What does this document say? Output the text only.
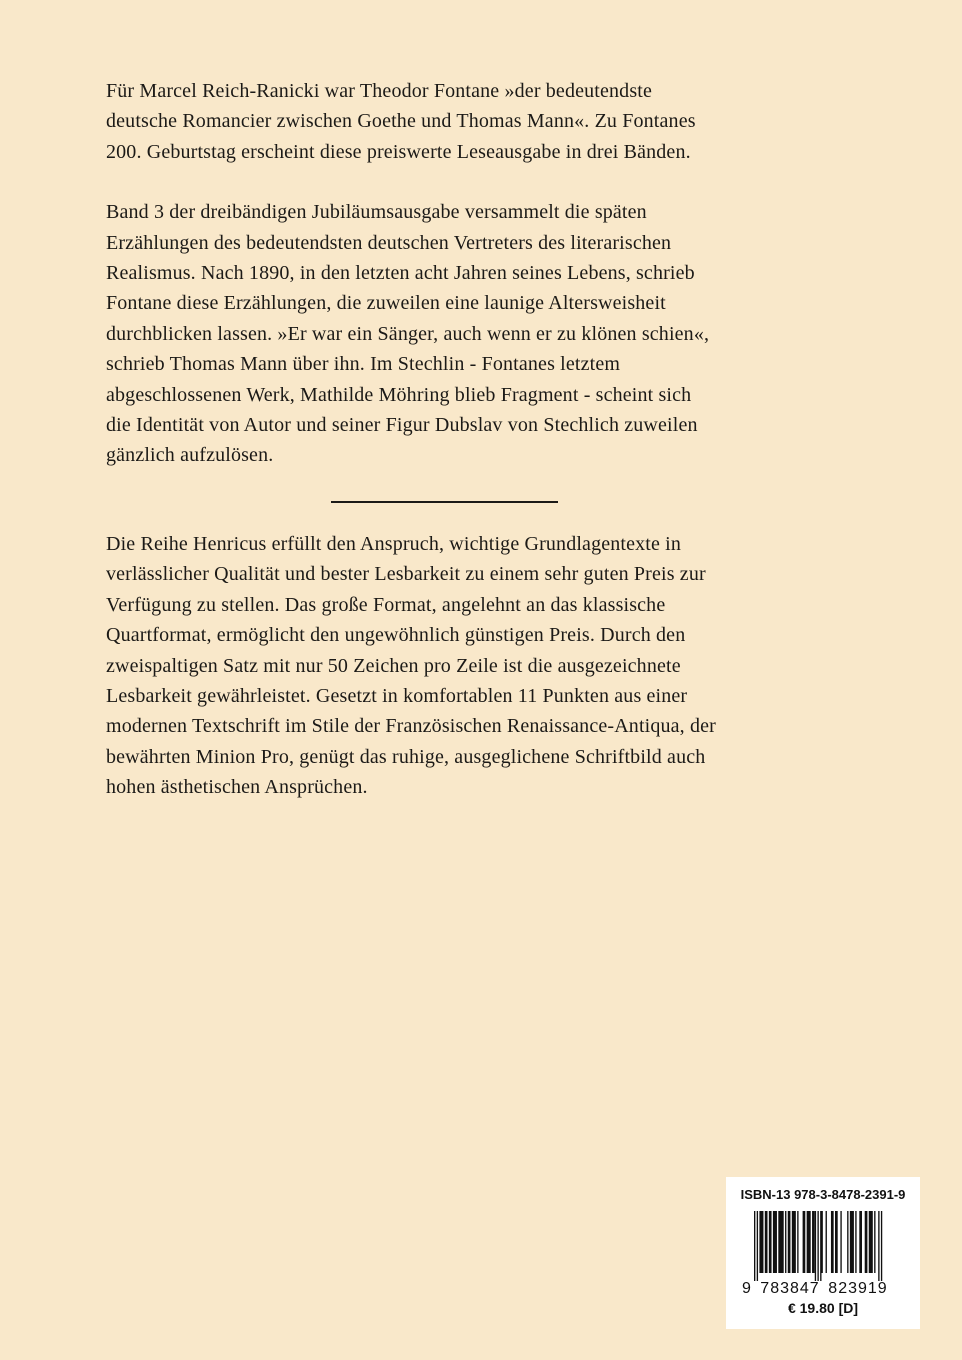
Für Marcel Reich-Ranicki war Theodor Fontane »der bedeutendste
deutsche Romancier zwischen Goethe und Thomas Mann«. Zu Fontanes
200. Geburtstag erscheint diese preiswerte Leseausgabe in drei Bänden.

Band 3 der dreibändigen Jubiläumsausgabe versammelt die späten
Erzählungen des bedeutendsten deutschen Vertreters des literarischen
Realismus. Nach 1890, in den letzten acht Jahren seines Lebens, schrieb
Fontane diese Erzählungen, die zuweilen eine launige Altersweisheit
durchblicken lassen. »Er war ein Sänger, auch wenn er zu klönen schien«,
schrieb Thomas Mann über ihn. Im Stechlin - Fontanes letztem
abgeschlossenen Werk, Mathilde Möhring blieb Fragment - scheint sich
die Identität von Autor und seiner Figur Dubslav von Stechlich zuweilen
gänzlich aufzulösen.

Die Reihe Henricus erfüllt den Anspruch, wichtige Grundlagentexte in
verlässlicher Qualität und bester Lesbarkeit zu einem sehr guten Preis zur
Verfügung zu stellen. Das große Format, angelehnt an das klassische
Quartformat, ermöglicht den ungewöhnlich günstigen Preis. Durch den
zweispaltigen Satz mit nur 50 Zeichen pro Zeile ist die ausgezeichnete
Lesbarkeit gewährleistet. Gesetzt in komfortablen 11 Punkten aus einer
modernen Textschrift im Stile der Französischen Renaissance-Antiqua, der
bewährten Minion Pro, genügt das ruhige, ausgeglichene Schriftbild auch
hohen ästhetischen Ansprüchen.

ISBN-13 978-3-8478-2391-9
9 783847 823919
€ 19.80 [D]
